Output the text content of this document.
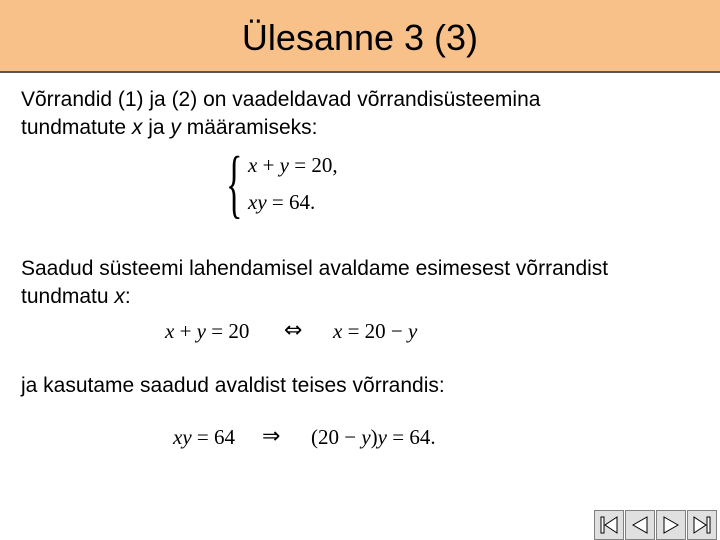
Ülesanne 3 (3)
Võrrandid (1) ja (2) on vaadeldavad võrrandisüsteemina
tundmatute x ja y määramiseks:
{ x + y = 20,
xy = 64.
Saadud süsteemi lahendamisel avaldame esimesest võrrandist
tundmatu x:
x + y = 20 ⇔ x = 20 − y
ja kasutame saadud avaldist teises võrrandis:
xy = 64 ⇒ (20 − y)y = 64.
